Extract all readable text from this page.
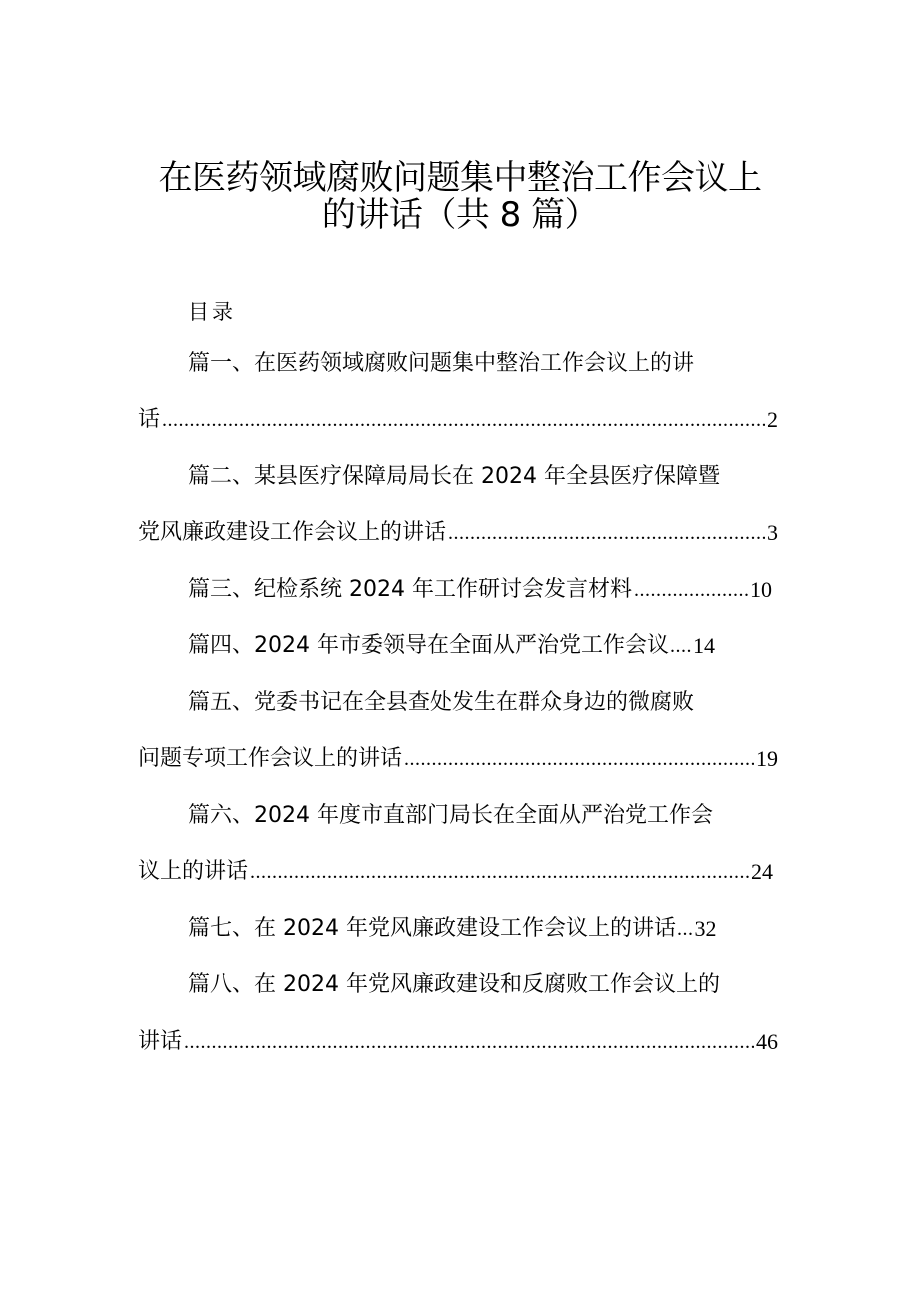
在医药领域腐败问题集中整治工作会议上
的讲话（共 8 篇）
目录
篇一、在医药领域腐败问题集中整治工作会议上的讲
话 .....	2
篇二、某县医疗保障局局长在 2024 年全县医疗保障暨
党风廉政建设工作会议上的讲话 .....	3
篇三、纪检系统 2024 年工作研讨会发言材料 .....	10
篇四、2024 年市委领导在全面从严治党工作会议 .... 14
篇五、党委书记在全县查处发生在群众身边的微腐败
问题专项工作会议上的讲话 .....	19
篇六、2024 年度市直部门局长在全面从严治党工作会
议上的讲话 .....	24
篇七、在 2024 年党风廉政建设工作会议上的讲话 ... 32
篇八、在 2024 年党风廉政建设和反腐败工作会议上的
讲话 .....	46
